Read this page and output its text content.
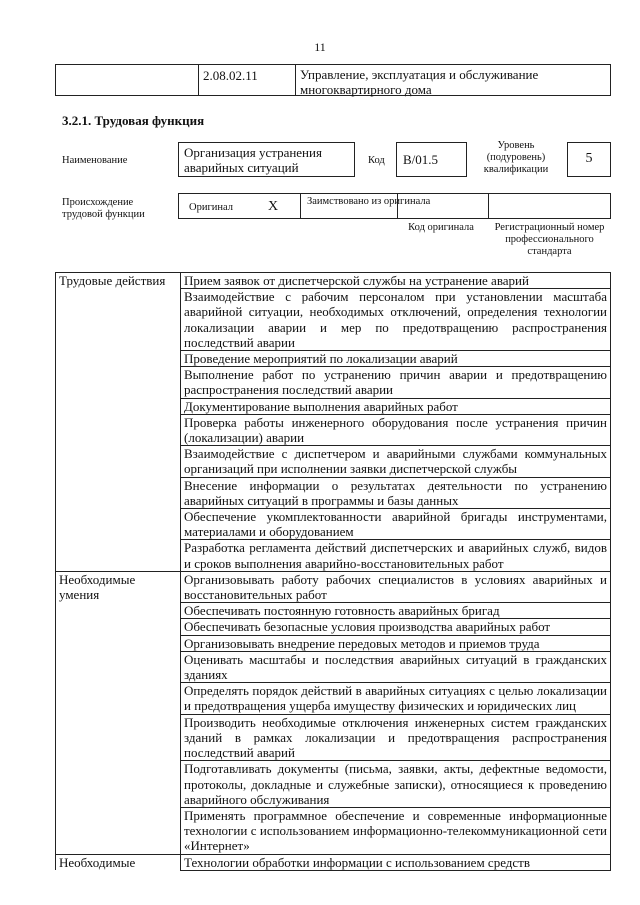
11
2.08.02.11	Управление, эксплуатация и обслуживание многоквартирного дома
3.2.1. Трудовая функция
Наименование
Организация устранения аварийных ситуаций	Код	B/01.5
Уровень (подуровень) квалификации
5
Происхождение трудовой функции
Оригинал	X	Заимствовано из оригинала
Код оригинала	Регистрационный номер профессионального стандарта
Трудовые действия	Прием заявок от диспетчерской службы на устранение аварий
	Взаимодействие с рабочим персоналом при установлении масштаба аварийной ситуации, необходимых отключений, определения технологии локализации аварии и мер по предотвращению распространения последствий аварии
	Проведение мероприятий по локализации аварий
	Выполнение работ по устранению причин аварии и предотвращению распространения последствий аварии
	Документирование выполнения аварийных работ
	Проверка работы инженерного оборудования после устранения причин (локализации) аварии
	Взаимодействие с диспетчером и аварийными службами коммунальных организаций при исполнении заявки диспетчерской службы
	Внесение информации о результатах деятельности по устранению аварийных ситуаций в программы и базы данных
	Обеспечение укомплектованности аварийной бригады инструментами, материалами и оборудованием
	Разработка регламента действий диспетчерских и аварийных служб, видов и сроков выполнения аварийно-восстановительных работ
Необходимые умения	Организовывать работу рабочих специалистов в условиях аварийных и восстановительных работ
	Обеспечивать постоянную готовность аварийных бригад
	Обеспечивать безопасные условия производства аварийных работ
	Организовывать внедрение передовых методов и приемов труда
	Оценивать масштабы и последствия аварийных ситуаций в гражданских зданиях
	Определять порядок действий в аварийных ситуациях с целью локализации и предотвращения ущерба имуществу физических и юридических лиц
	Производить необходимые отключения инженерных систем гражданских зданий в рамках локализации и предотвращения распространения последствий аварий
	Подготавливать документы (письма, заявки, акты, дефектные ведомости, протоколы, докладные и служебные записки), относящиеся к проведению аварийного обслуживания
	Применять программное обеспечение и современные информационные технологии с использованием информационно-телекоммуникационной сети «Интернет»
Необходимые	Технологии обработки информации с использованием средств
